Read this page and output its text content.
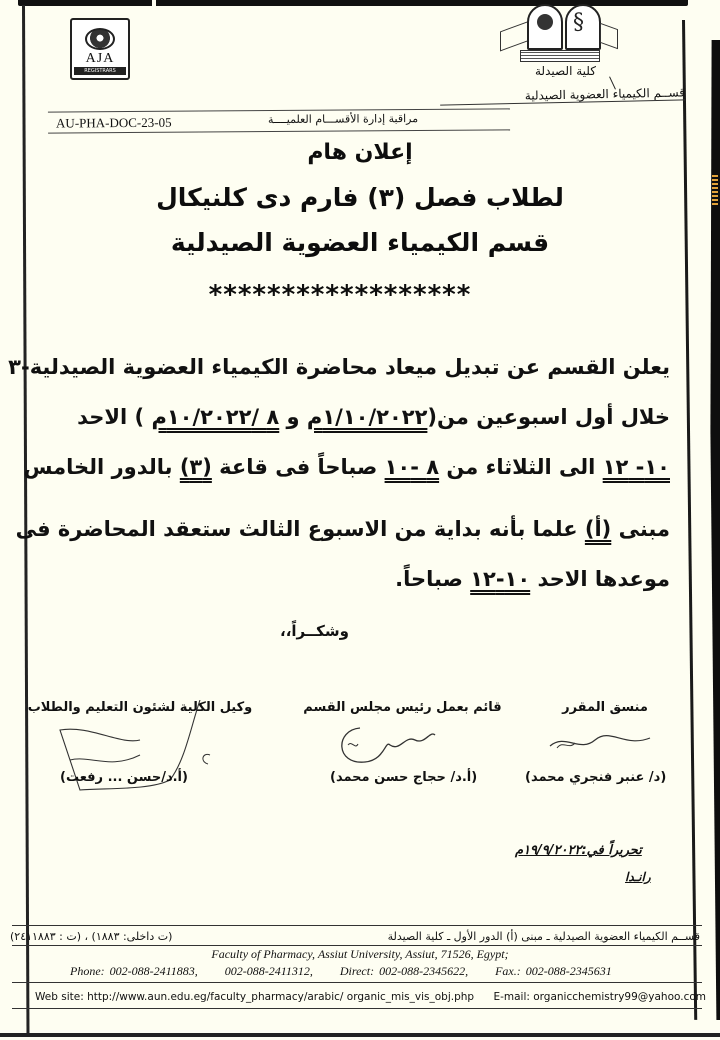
AJA
REGISTRARS
§
كلية الصيدلة
قســم الكيمياء العضوية الصيدلية
AU-PHA-DOC-23-05	مراقبة إدارة الأقســـام العلميــــة
إعلان هام
لطلاب فصل (٣) فارم دى كلنيكال
قسم الكيمياء العضوية الصيدلية
******************
يعلن القسم عن تبديل ميعاد محاضرة الكيمياء العضوية الصيدلية-٣
خلال أول اسبوعين من(١/١٠/٢٠٢٢م و ٨ /١٠/٢٠٢٢م ) الاحد
١٠- ١٢ الى الثلاثاء من ٨ -١٠ صباحاً فى قاعة (٣) بالدور الخامس
مبنى (أ) علما بأنه بداية من الاسبوع الثالث ستعقد المحاضرة فى
موعدها الاحد ١٠-١٢ صباحاً.
وشكــراً،،
منسق المقرر
(د/ عنبر فنجري محمد)
قائم بعمل رئيس مجلس القسم
(أ.د/ حجاج حسن محمد)
وكيل الكلية لشئون التعليم والطلاب
(أ.د/حسن ... رفعت)
تحريراً في:١٩/٩/٢٠٢٢م
رانـدا
قســم الكيمياء العضوية الصيدلية ـ مبنى (أ) الدور الأول ـ كلية الصيدلة
(ت داخلى: ١٨٨٣) ، (ت : ٢٤١١٨٨٣)
Faculty of Pharmacy, Assiut University, Assiut, 71526, Egypt;
Phone: 002-088-2411883, 002-088-2411312, Direct: 002-088-2345622, Fax.: 002-088-2345631
Web site: http://www.aun.edu.eg/faculty_pharmacy/arabic/ organic_mis_vis_obj.php E-mail: organicchemistry99@yahoo.com
